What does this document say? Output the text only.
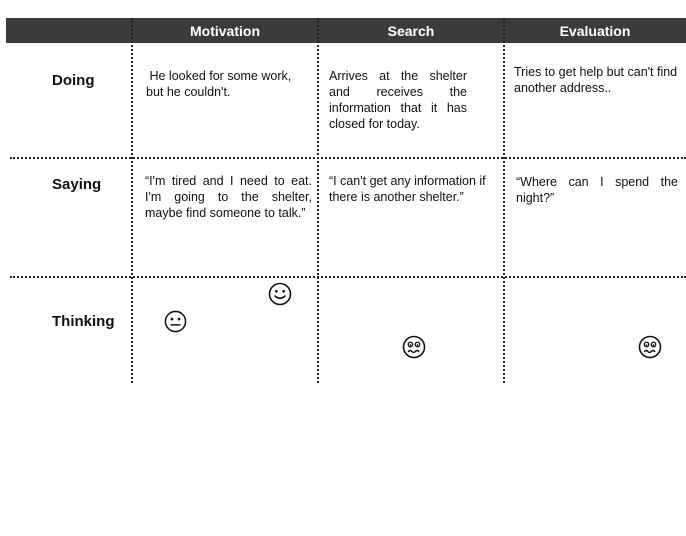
Motivation	Search	Evaluation
Doing
Saying
Thinking
He looked for some work, but he couldn't.
Arrives at the shelter and receives the information that it has closed for today.
Tries to get help but can't find another address..
“I'm tired and I need to eat. I'm going to the shelter, maybe find someone to talk.”
“I can't get any information if there is another shelter.”
“Where can I spend the night?”
